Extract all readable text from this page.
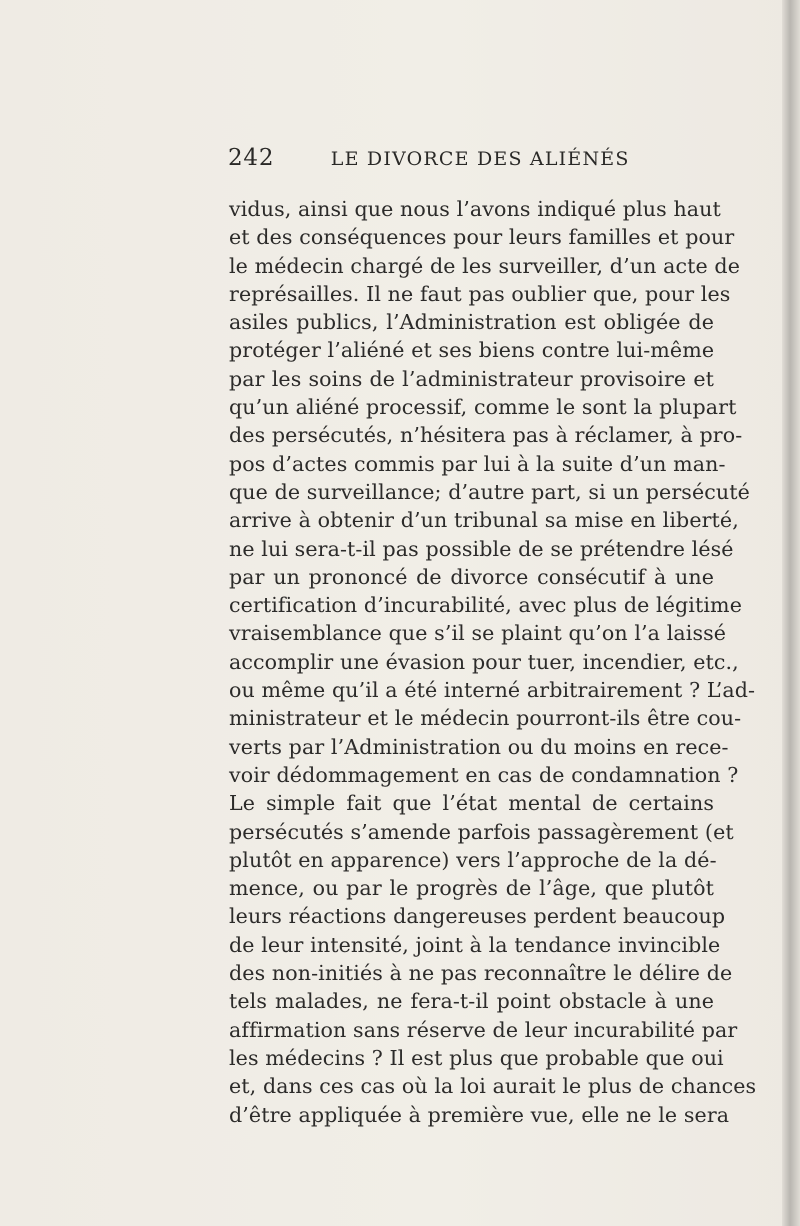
242	LE DIVORCE DES ALIÉNÉS
vidus, ainsi que nous l’avons indiqué plus haut
et des conséquences pour leurs familles et pour
le médecin chargé de les surveiller, d’un acte de
représailles. Il ne faut pas oublier que, pour les
asiles publics, l’Administration est obligée de
protéger l’aliéné et ses biens contre lui-même
par les soins de l’administrateur provisoire et
qu’un aliéné processif, comme le sont la plupart
des persécutés, n’hésitera pas à réclamer, à pro-
pos d’actes commis par lui à la suite d’un man-
que de surveillance; d’autre part, si un persécuté
arrive à obtenir d’un tribunal sa mise en liberté,
ne lui sera-t-il pas possible de se prétendre lésé
par un prononcé de divorce consécutif à une
certification d’incurabilité, avec plus de légitime
vraisemblance que s’il se plaint qu’on l’a laissé
accomplir une évasion pour tuer, incendier, etc.,
ou même qu’il a été interné arbitrairement ? L’ad-
ministrateur et le médecin pourront-ils être cou-
verts par l’Administration ou du moins en rece-
voir dédommagement en cas de condamnation ?
Le simple fait que l’état mental de certains
persécutés s’amende parfois passagèrement (et
plutôt en apparence) vers l’approche de la dé-
mence, ou par le progrès de l’âge, que plutôt
leurs réactions dangereuses perdent beaucoup
de leur intensité, joint à la tendance invincible
des non-initiés à ne pas reconnaître le délire de
tels malades, ne fera-t-il point obstacle à une
affirmation sans réserve de leur incurabilité par
les médecins ? Il est plus que probable que oui
et, dans ces cas où la loi aurait le plus de chances
d’être appliquée à première vue, elle ne le sera
